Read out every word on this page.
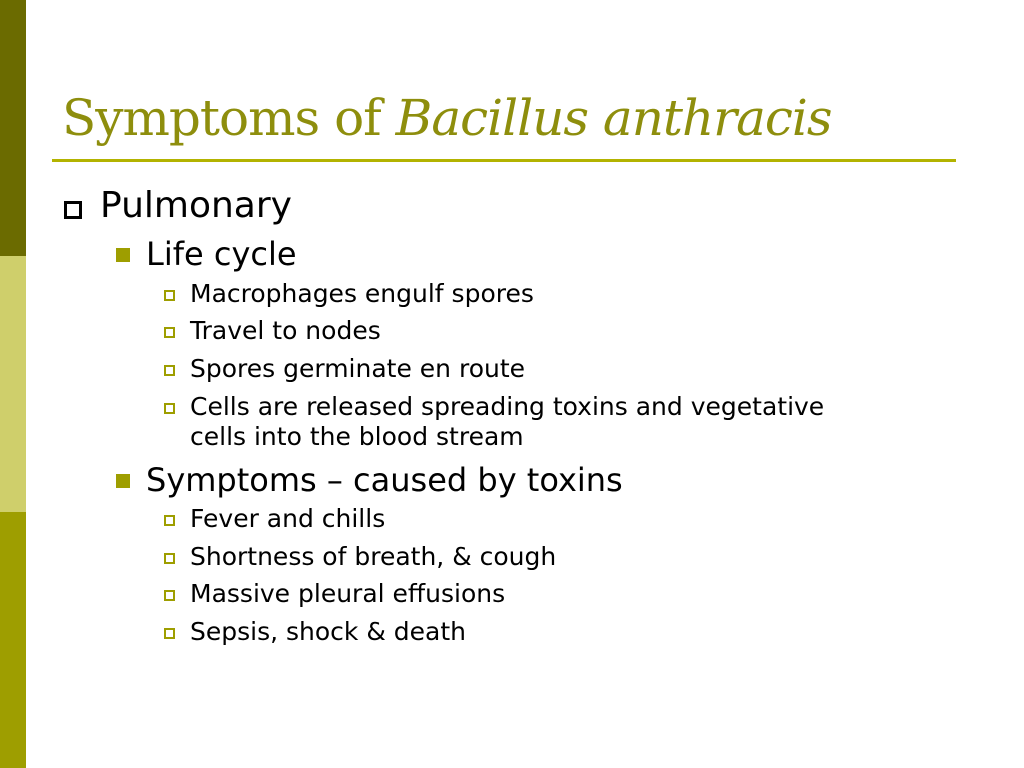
Symptoms of Bacillus anthracis
Pulmonary
Life cycle
Macrophages engulf spores
Travel to nodes
Spores germinate en route
Cells are released spreading toxins and vegetative
cells into the blood stream
Symptoms – caused by toxins
Fever and chills
Shortness of breath, & cough
Massive pleural effusions
Sepsis, shock & death
